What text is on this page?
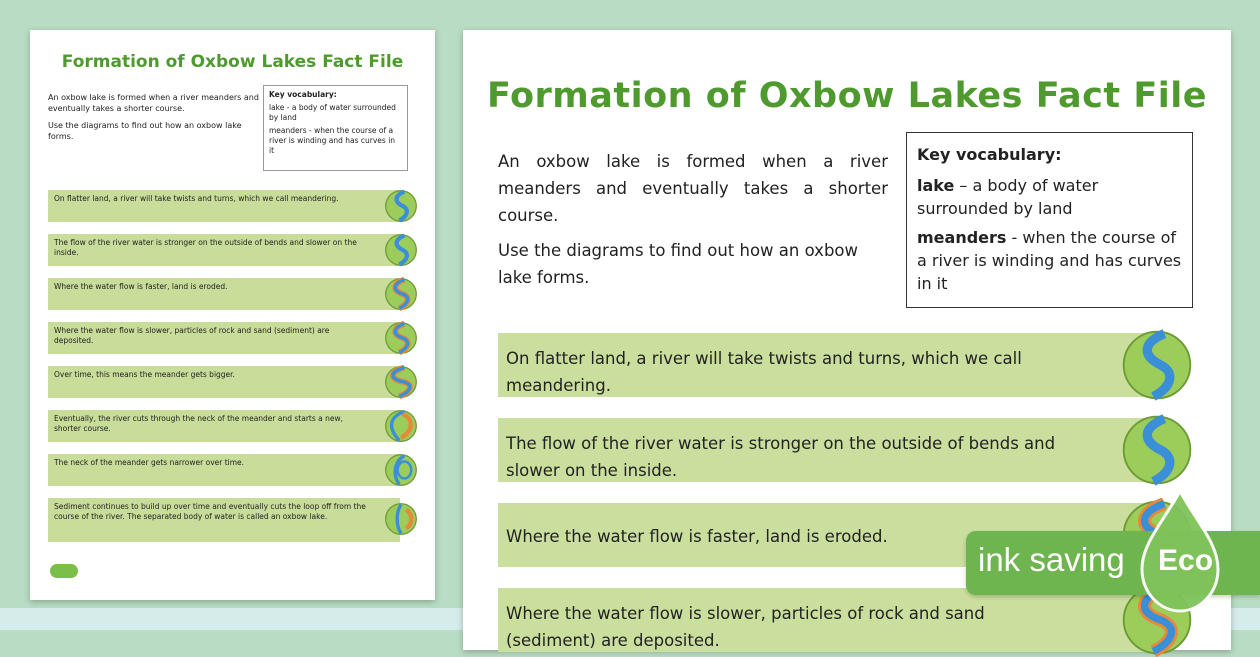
Formation of Oxbow Lakes Fact File

An oxbow lake is formed when a river meanders and eventually takes a shorter course.

Use the diagrams to find out how an oxbow lake forms.

Key vocabulary:

lake - a body of water surrounded by land

meanders - when the course of a river is winding and has curves in it

On flatter land, a river will take twists and turns, which we call meandering.
The flow of the river water is stronger on the outside of bends and slower on the inside.
Where the water flow is faster, land is eroded.
Where the water flow is slower, particles of rock and sand (sediment) are deposited.
Over time, this means the meander gets bigger.
Eventually, the river cuts through the neck of the meander and starts a new, shorter course.
The neck of the meander gets narrower over time.
Sediment continues to build up over time and eventually cuts the loop off from the course of the river. The separated body of water is called an oxbow lake.
Formation of Oxbow Lakes Fact File

An oxbow lake is formed when a river meanders and eventually takes a shorter course.

Use the diagrams to find out how an oxbow lake forms.

Key vocabulary:

lake – a body of water surrounded by land

meanders - when the course of a river is winding and has curves in it

On flatter land, a river will take twists and turns, which we call meandering.
The flow of the river water is stronger on the outside of bends and slower on the inside.
Where the water flow is faster, land is eroded.
Where the water flow is slower, particles of rock and sand (sediment) are deposited.
ink saving Eco
